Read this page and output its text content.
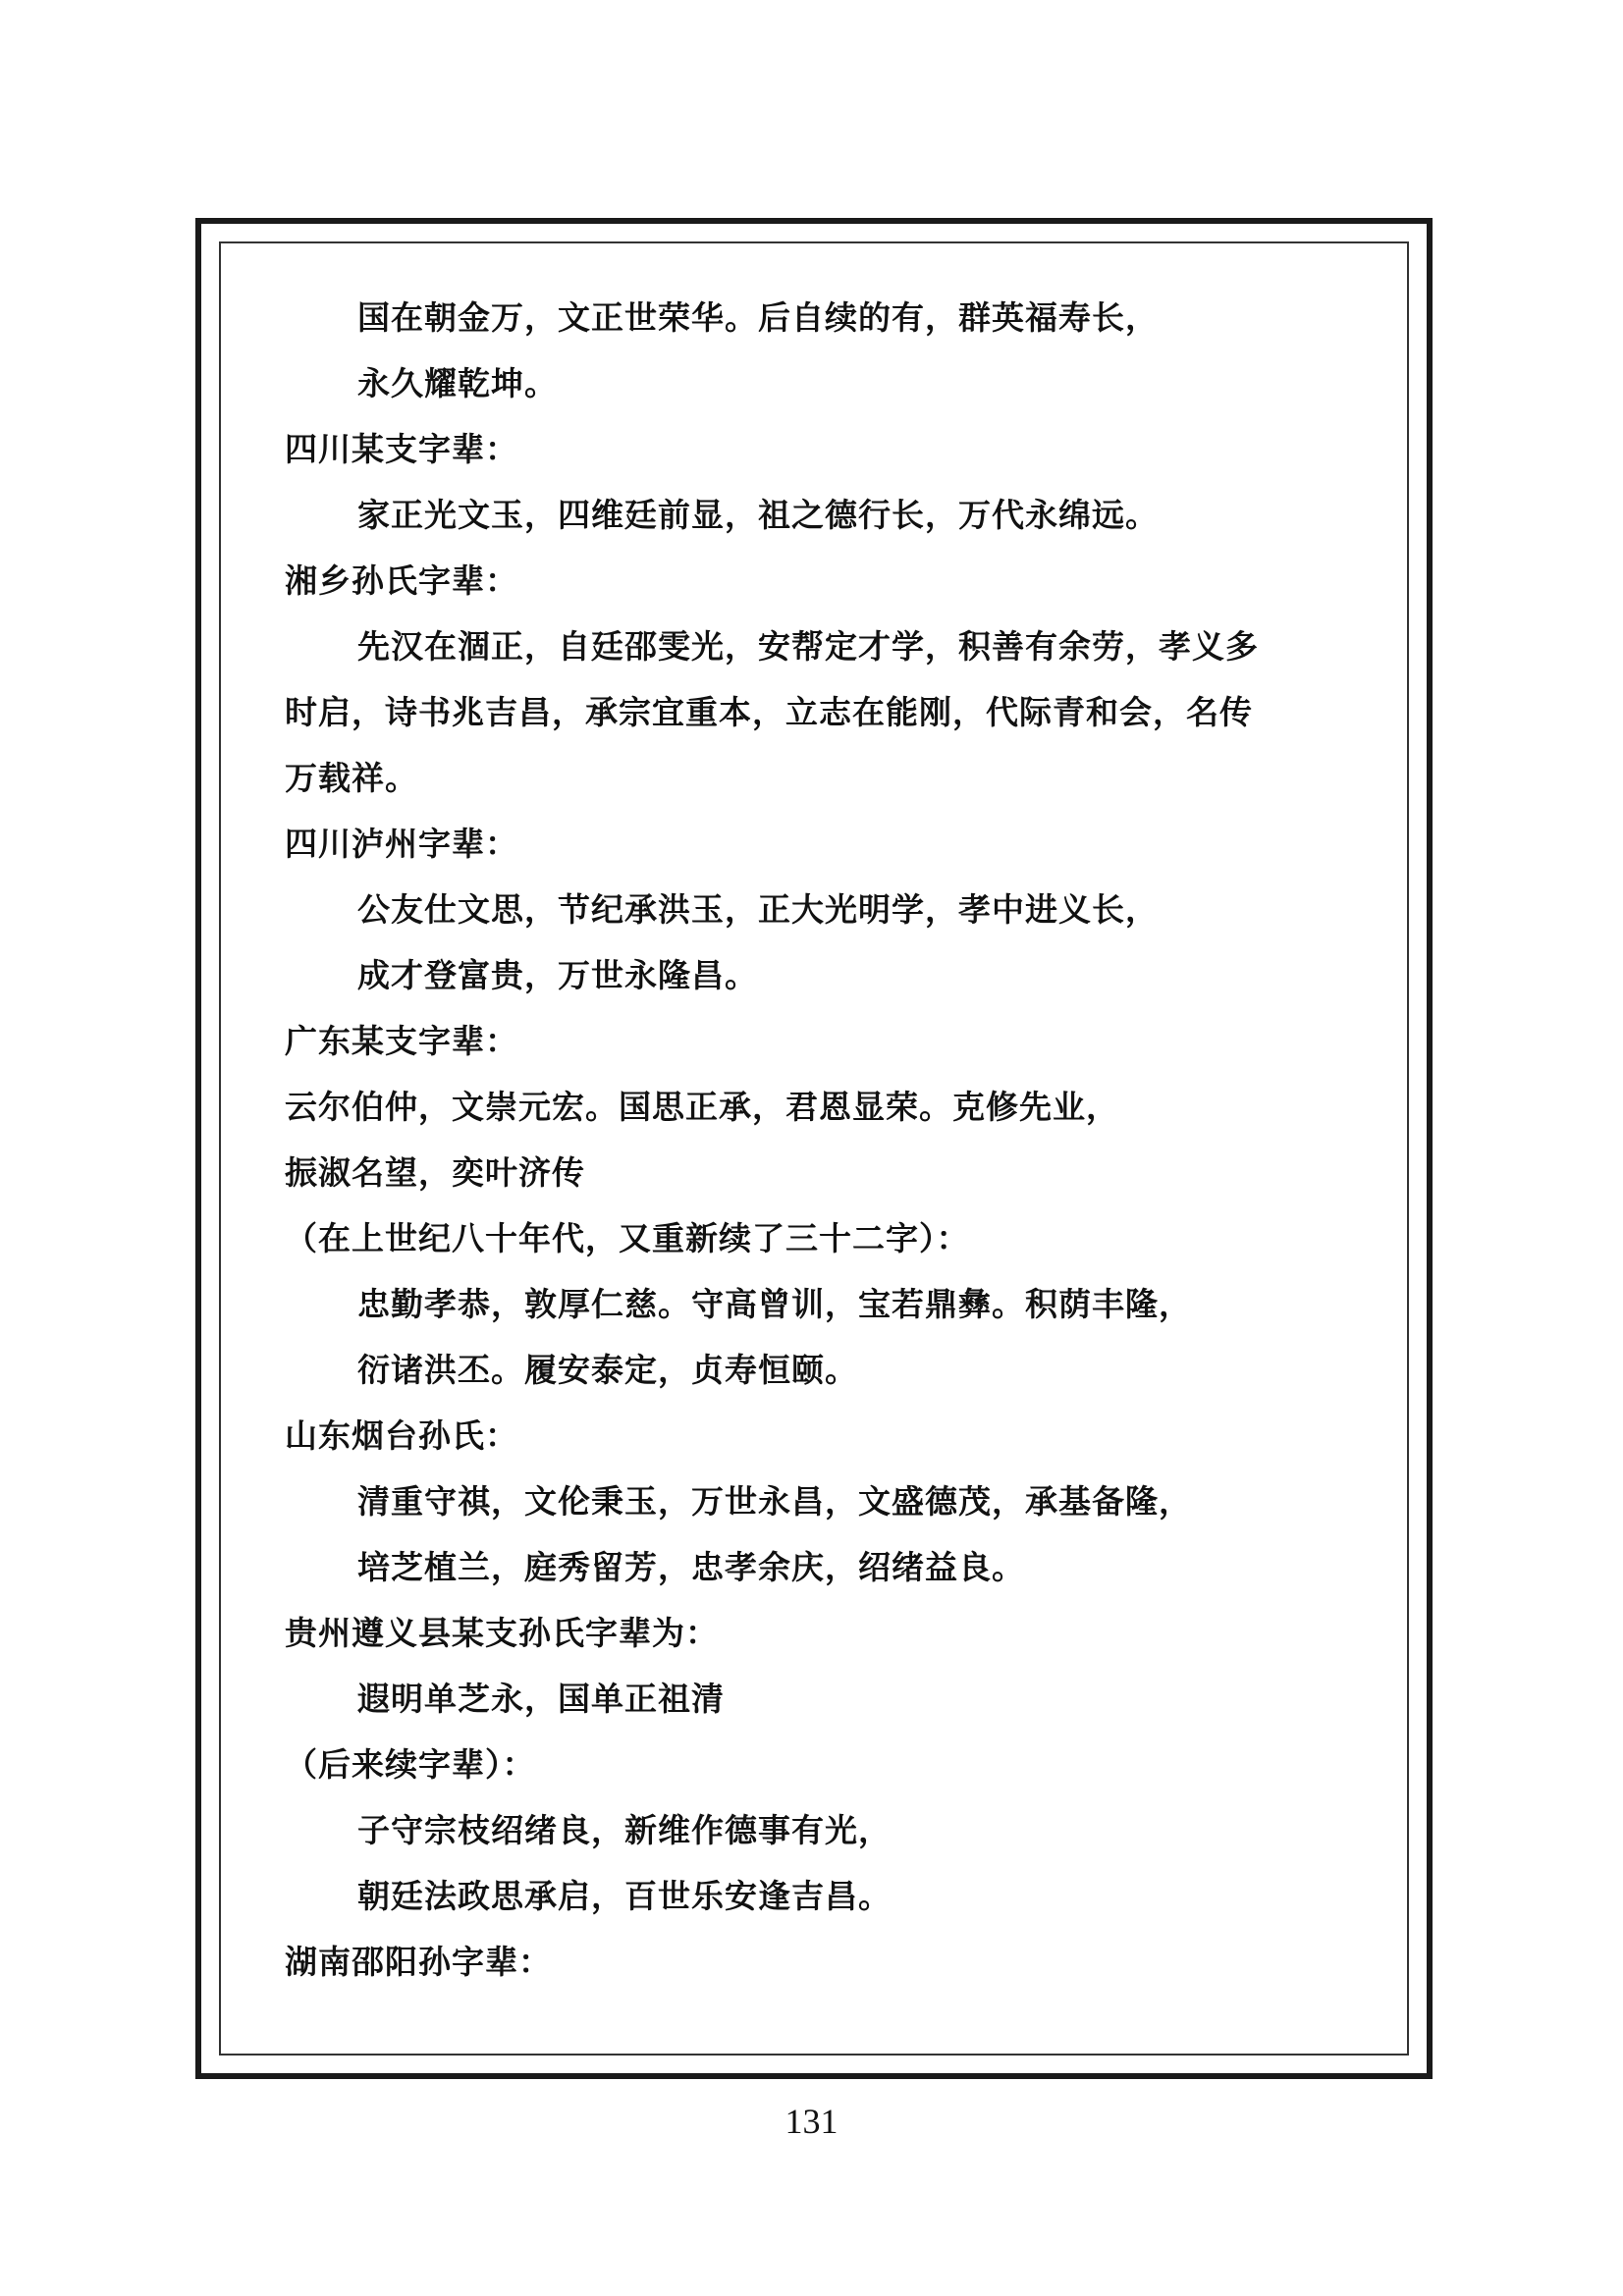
国在朝金万，文正世荣华。后自续的有，群英福寿长，
永久耀乾坤。
四川某支字辈：
家正光文玉，四维廷前显，祖之德行长，万代永绵远。
湘乡孙氏字辈：
先汉在涸正，自廷邵雯光，安帮定才学，积善有余劳，孝义多
时启，诗书兆吉昌，承宗宜重本，立志在能刚，代际青和会，名传
万载祥。
四川泸州字辈：
公友仕文思，节纪承洪玉，正大光明学，孝中进义长，
成才登富贵，万世永隆昌。
广东某支字辈：
云尔伯仲，文崇元宏。国思正承，君恩显荣。克修先业，
振淑名望，奕叶济传
（在上世纪八十年代，又重新续了三十二字）：
忠勤孝恭，敦厚仁慈。守高曾训，宝若鼎彝。积荫丰隆，
衍诸洪丕。履安泰定，贞寿恒颐。
山东烟台孙氏：
清重守祺，文伦秉玉，万世永昌，文盛德茂，承基备隆，
培芝植兰，庭秀留芳，忠孝余庆，绍绪益良。
贵州遵义县某支孙氏字辈为：
遐明单芝永，国单正祖清
（后来续字辈）：
子守宗枝绍绪良，新维作德事有光，
朝廷法政思承启，百世乐安逢吉昌。
湖南邵阳孙字辈：
131
